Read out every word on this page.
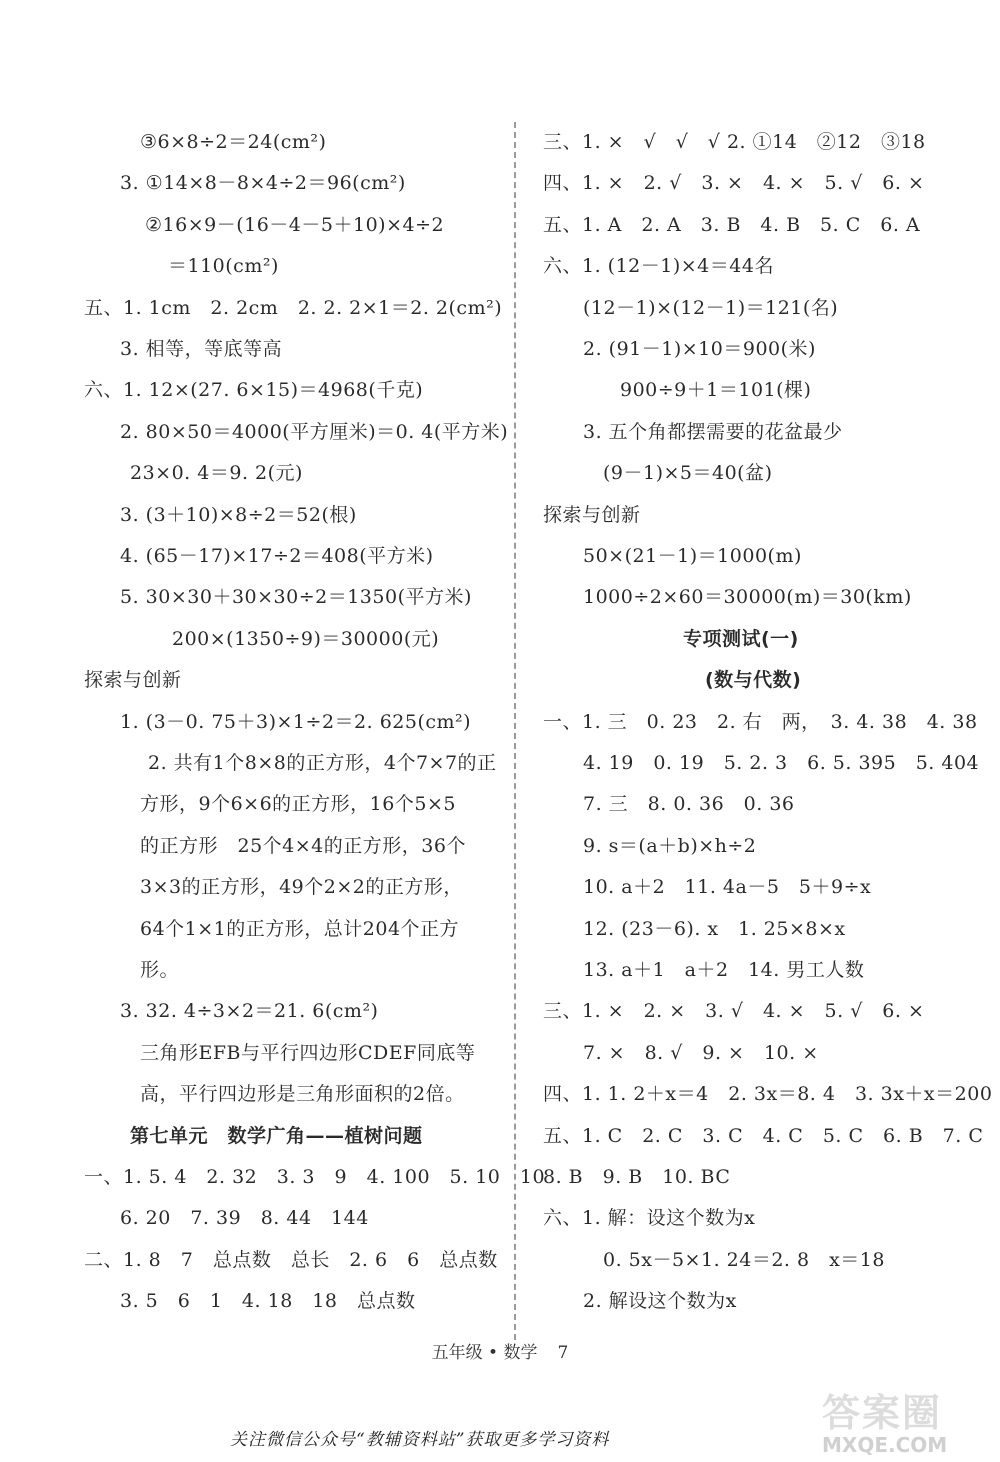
③6×8÷2＝24(cm²)
3. ①14×8－8×4÷2＝96(cm²)
②16×9－(16－4－5＋10)×4÷2
＝110(cm²)
五、1. 1cm　2. 2cm　2. 2. 2×1＝2. 2(cm²)
3. 相等，等底等高
六、1. 12×(27. 6×15)＝4968(千克)
2. 80×50＝4000(平方厘米)＝0. 4(平方米)
23×0. 4＝9. 2(元)
3. (3＋10)×8÷2＝52(根)
4. (65－17)×17÷2＝408(平方米)
5. 30×30＋30×30÷2＝1350(平方米)
200×(1350÷9)＝30000(元)
探索与创新
1. (3－0. 75＋3)×1÷2＝2. 625(cm²)
2. 共有1个8×8的正方形，4个7×7的正
方形，9个6×6的正方形，16个5×5
的正方形　25个4×4的正方形，36个
3×3的正方形，49个2×2的正方形，
64个1×1的正方形，总计204个正方
形。
3. 32. 4÷3×2＝21. 6(cm²)
三角形EFB与平行四边形CDEF同底等
高，平行四边形是三角形面积的2倍。
第七单元　数学广角——植树问题
一、1. 5. 4　2. 32　3. 3　9　4. 100　5. 10　10
6. 20　7. 39　8. 44　144
二、1. 8　7　总点数　总长　2. 6　6　总点数
3. 5　6　1　4. 18　18　总点数
三、1. ×　√　√　√ 2. ①14　②12　③18
四、1. ×　2. √　3. ×　4. ×　5. √　6. ×
五、1. A　2. A　3. B　4. B　5. C　6. A
六、1. (12－1)×4＝44名
(12－1)×(12－1)＝121(名)
2. (91－1)×10＝900(米)
900÷9＋1＝101(棵)
3. 五个角都摆需要的花盆最少
(9－1)×5＝40(盆)
探索与创新
50×(21－1)＝1000(m)
1000÷2×60＝30000(m)＝30(km)
专项测试(一)
(数与代数)
一、1. 三　0. 23　2. 右　两，　3. 4. 38　4. 38
4. 19　0. 19　5. 2. 3　6. 5. 395　5. 404
7. 三　8. 0. 36　0. 36
9. s＝(a＋b)×h÷2
10. a＋2　11. 4a－5　5＋9÷x
12. (23－6). x　1. 25×8×x
13. a＋1　a＋2　14. 男工人数
三、1. ×　2. ×　3. √　4. ×　5. √　6. ×
7. ×　8. √　9. ×　10. ×
四、1. 1. 2＋x＝4　2. 3x＝8. 4　3. 3x＋x＝200
五、1. C　2. C　3. C　4. C　5. C　6. B　7. C
8. B　9. B　10. BC
六、1. 解：设这个数为x
0. 5x－5×1. 24＝2. 8　x＝18
2. 解设这个数为x
五年级 • 数学 7
关注微信公众号“教辅资料站”获取更多学习资料
答案圈
MXQE.COM
